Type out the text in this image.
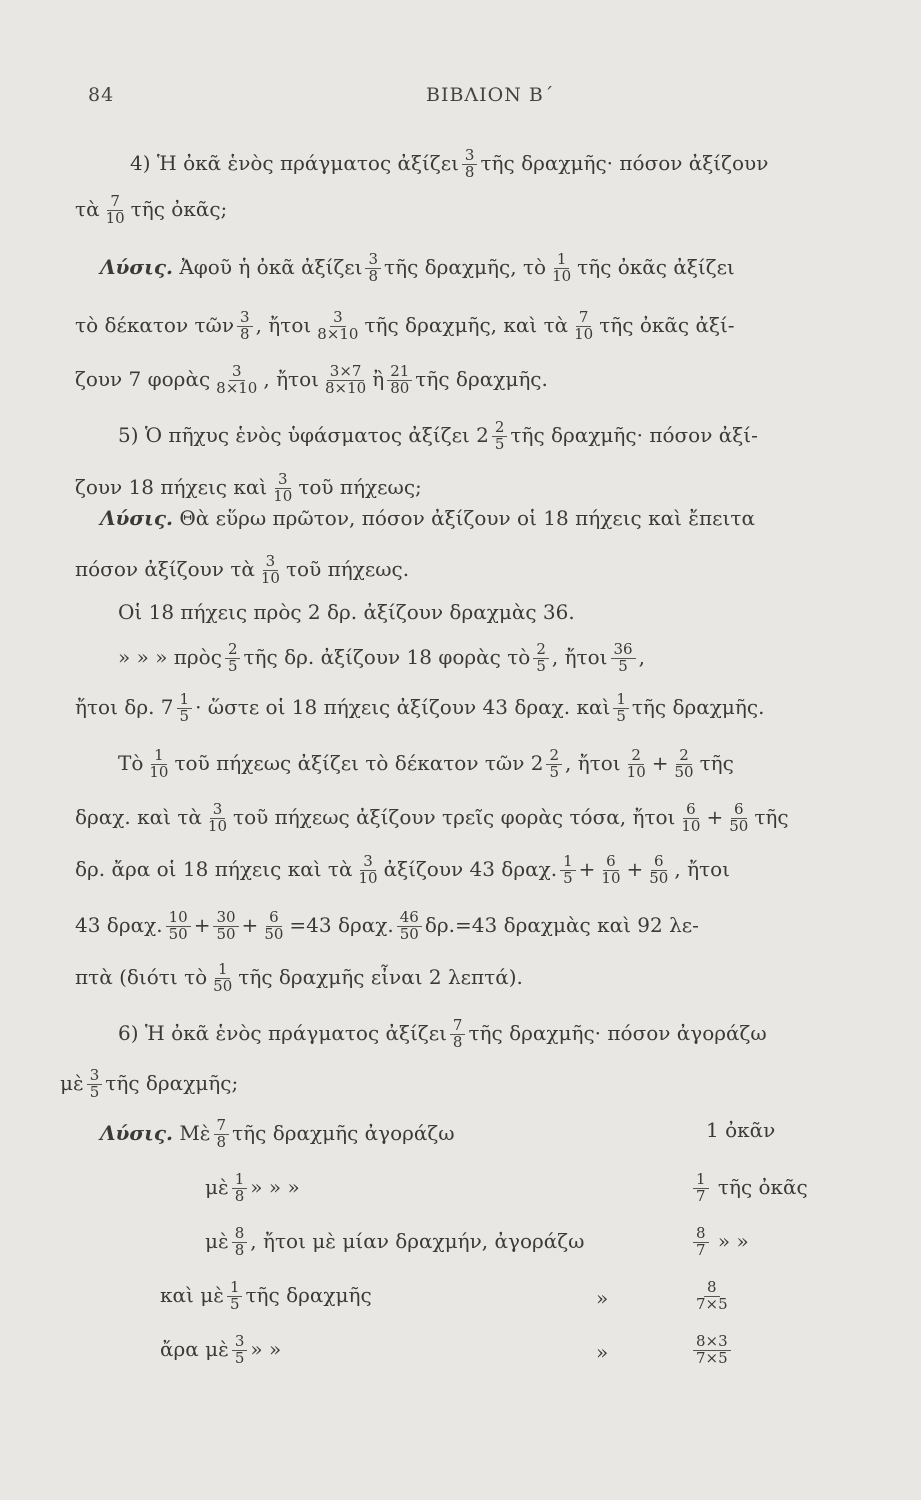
84	ΒΙΒΛΙΟΝ Β΄
4) Ἡ ὀκᾶ ἑνὸς πράγματος ἀξίζει $\frac{3}{8}$ τῆς δραχμῆς· πόσον ἀξίζουν
τὰ $\frac{7}{10}$ τῆς ὀκᾶς;
Λύσις. Ἀφοῦ ἡ ὀκᾶ ἀξίζει $\frac{3}{8}$ τῆς δραχμῆς, τὸ $\frac{1}{10}$ τῆς ὀκᾶς ἀξίζει
τὸ δέκατον τῶν $\frac{3}{8}$ , ἤτοι $\frac{3}{8\times 10}$ τῆς δραχμῆς, καὶ τὰ $\frac{7}{10}$ τῆς ὀκᾶς ἀξί-
ζουν 7 φορὰς $\frac{3}{8\times 10}$ , ἤτοι $\frac{3\times 7}{8\times 10}$ ἢ $\frac{21}{80}$ τῆς δραχμῆς.
5) Ὁ πῆχυς ἑνὸς ὑφάσματος ἀξίζει $2 \frac{2}{5}$ τῆς δραχμῆς· πόσον ἀξί-
ζουν 18 πήχεις καὶ $\frac{3}{10}$ τοῦ πήχεως;
Λύσις. Θὰ εὕρω πρῶτον, πόσον ἀξίζουν οἱ 18 πήχεις καὶ ἔπειτα
πόσον ἀξίζουν τὰ $\frac{3}{10}$ τοῦ πήχεως.
Οἱ 18 πήχεις πρὸς 2 δρ. ἀξίζουν δραχμὰς 36.
» » » πρὸς $\frac{2}{5}$ τῆς δρ. ἀξίζουν 18 φορὰς τὸ $\frac{2}{5}$ , ἤτοι $\frac{36}{5}$ ,
ἤτοι δρ. $7 \frac{1}{5}$ · ὥστε οἱ 18 πήχεις ἀξίζουν 43 δραχ. καὶ $\frac{1}{5}$ τῆς δραχμῆς.
Τὸ $\frac{1}{10}$ τοῦ πήχεως ἀξίζει τὸ δέκατον τῶν $2 \frac{2}{5}$ , ἤτοι $\frac{2}{10} + \frac{2}{50}$ τῆς
δραχ. καὶ τὰ $\frac{3}{10}$ τοῦ πήχεως ἀξίζουν τρεῖς φορὰς τόσα, ἤτοι $\frac{6}{10} + \frac{6}{50}$ τῆς
δρ. ἄρα οἱ 18 πήχεις καὶ τὰ $\frac{3}{10}$ ἀξίζουν 43 δραχ. $\frac{1}{5} + \frac{6}{10} + \frac{6}{50}$ , ἤτοι
43 δραχ. $\frac{10}{50} + \frac{30}{50} + \frac{6}{50} =43$ δραχ. $\frac{46}{50} \delta\rho.=43$ δραχμὰς καὶ 92 λε-
πτὰ (διότι τὸ $\frac{1}{50}$ τῆς δραχμῆς εἶναι 2 λεπτά).
6) Ἡ ὀκᾶ ἑνὸς πράγματος ἀξίζει $\frac{7}{8}$ τῆς δραχμῆς· πόσον ἀγοράζω
μὲ $\frac{3}{5}$ τῆς δραχμῆς;
Λύσις. Μὲ $\frac{7}{8}$ τῆς δραχμῆς ἀγοράζω	1 ὀκᾶν
μὲ $\frac{1}{8}$ » » »	$\frac{1}{7}$ τῆς ὀκᾶς
μὲ $\frac{8}{8}$ , ἤτοι μὲ μίαν δραχμήν, ἀγοράζω	$\frac{8}{7}$ » »
καὶ μὲ $\frac{1}{5}$ τῆς δραχμῆς	»	$\frac{8}{7\times 5}$
ἄρα μὲ $\frac{3}{5}$ » »	»	$\frac{8\times 3}{7\times 5}$
